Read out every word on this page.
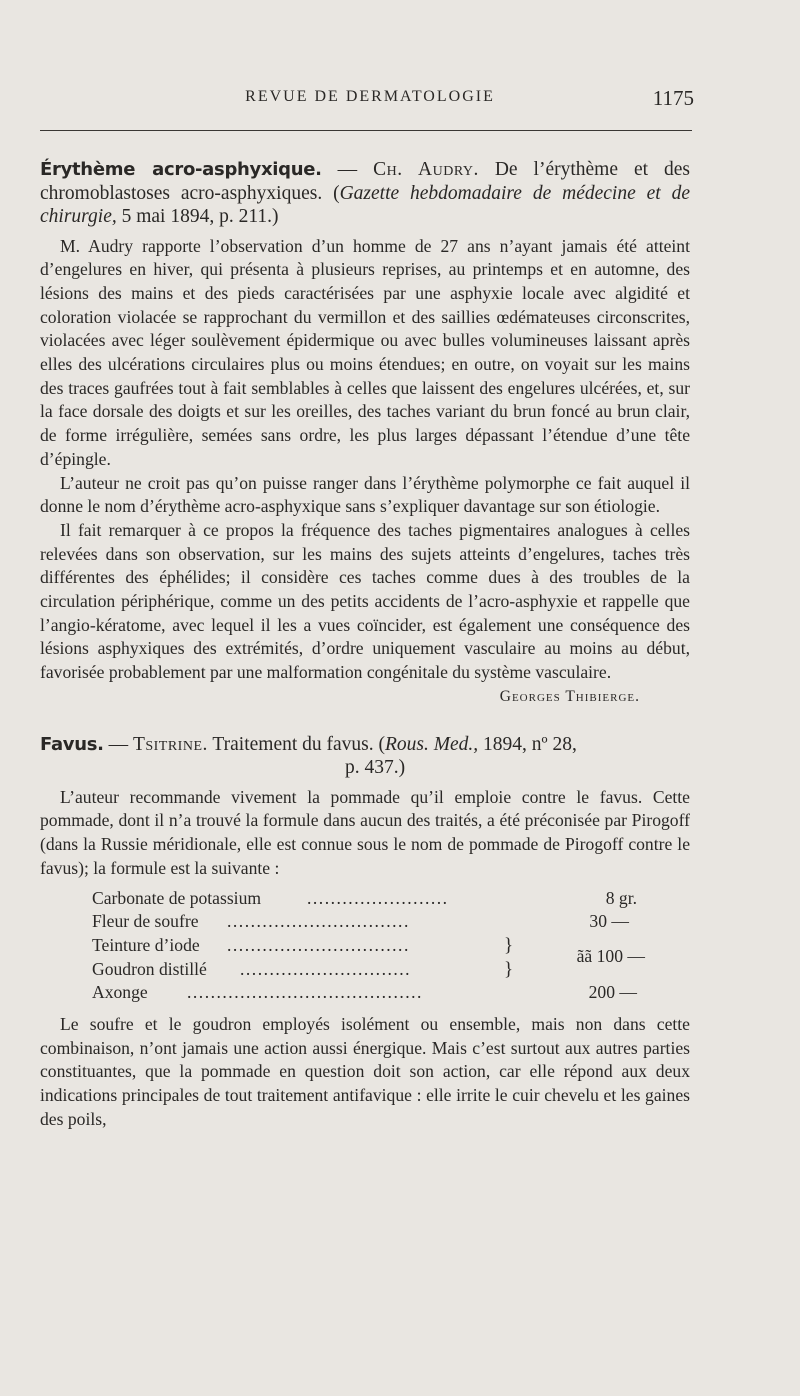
REVUE DE DERMATOLOGIE	1175

Érythème acro-asphyxique. — Ch. Audry. De l’érythème et des chromoblastoses acro-asphyxiques. (Gazette hebdomadaire de médecine et de chirurgie, 5 mai 1894, p. 211.)

M. Audry rapporte l’observation d’un homme de 27 ans n’ayant jamais été atteint d’engelures en hiver, qui présenta à plusieurs reprises, au printemps et en automne, des lésions des mains et des pieds caractérisées par une asphyxie locale avec algidité et coloration violacée se rapprochant du vermillon et des saillies œdémateuses circonscrites, violacées avec léger soulèvement épidermique ou avec bulles volumineuses laissant après elles des ulcérations circulaires plus ou moins étendues; en outre, on voyait sur les mains des traces gaufrées tout à fait semblables à celles que laissent des engelures ulcérées, et, sur la face dorsale des doigts et sur les oreilles, des taches variant du brun foncé au brun clair, de forme irrégulière, semées sans ordre, les plus larges dépassant l’étendue d’une tête d’épingle.

L’auteur ne croit pas qu’on puisse ranger dans l’érythème polymorphe ce fait auquel il donne le nom d’érythème acro-asphyxique sans s’expliquer davantage sur son étiologie.

Il fait remarquer à ce propos la fréquence des taches pigmentaires analogues à celles relevées dans son observation, sur les mains des sujets atteints d’engelures, taches très différentes des éphélides; il considère ces taches comme dues à des troubles de la circulation périphérique, comme un des petits accidents de l’acro-asphyxie et rappelle que l’angio-kératome, avec lequel il les a vues coïncider, est également une conséquence des lésions asphyxiques des extrémités, d’ordre uniquement vasculaire au moins au début, favorisée probablement par une malformation congénitale du système vasculaire.
Georges Thibierge.

Favus. — Tsitrine. Traitement du favus. (Rous. Med., 1894, nº 28,

p. 437.)

L’auteur recommande vivement la pommade qu’il emploie contre le favus. Cette pommade, dont il n’a trouvé la formule dans aucun des traités, a été préconisée par Pirogoff (dans la Russie méridionale, elle est connue sous le nom de pommade de Pirogoff contre le favus); la formule est la suivante :

Carbonate de potassium	........................	8 gr.
Fleur de soufre ...............................	30 —
Teinture d’iode ...............................	}	ãã 100 —
Goudron distillé .............................	}
Axonge ........................................	200 —

Le soufre et le goudron employés isolément ou ensemble, mais non dans cette combinaison, n’ont jamais une action aussi énergique. Mais c’est surtout aux autres parties constituantes, que la pommade en question doit son action, car elle répond aux deux indications principales de tout traitement antifavique : elle irrite le cuir chevelu et les gaines des poils,
